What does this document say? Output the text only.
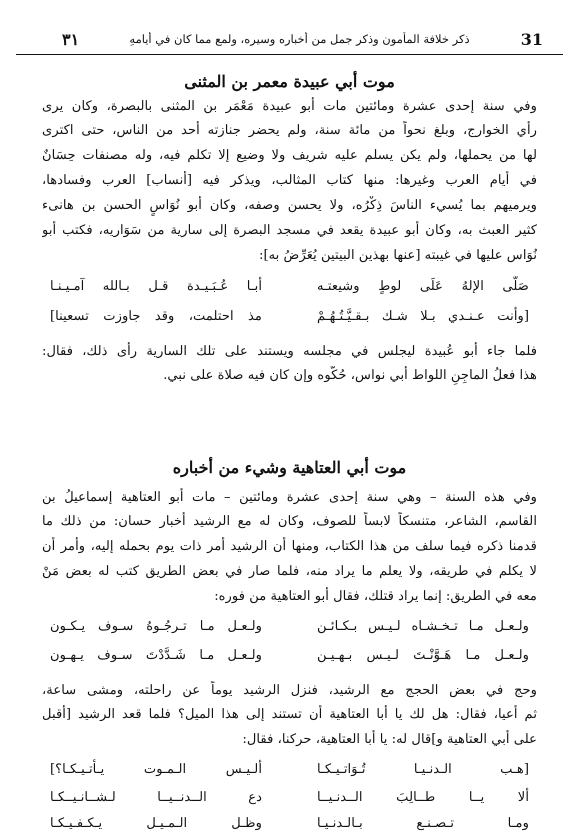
31
ذكر خلافة المأمون وذكر جمل من أخباره وسيره، ولمع مما كان في أيامهِ
٣١
موت أبي عبيدة معمر بن المثنى
وفي سنة إحدى عشرة ومائتين مات أبو عبيدة مَعْمَر بن المثنى بالبصرة، وكان يرى
رأي الخوارج، وبلغ نحواً من مائة سنة، ولم يحضر جنازته أحد من الناس، حتى اكترى
لها من يحملها، ولم يكن يسلم عليه شريف ولا وضيع إلا تكلم فيه، وله مصنفات حِسَانٌ
في أيام العرب وغيرها: منها كتاب المثالب، ويذكر فيه [أنساب] العرب وفسادها،
ويرميهم بما يُسيء الناسَ ذِكْرُه، ولا يحسن وصفه، وكان أبو نُوَاسٍ الحسن بن هانىء
كثير العبث به، وكان أبو عبيدة يقعد في مسجد البصرة إلى سارية من سَوَاريه، فكتب أبو
نُوَاس عليها في غيبته [عنها بهذين البيتين يُعَرِّضُ به]:
صَلَّى الإلهُ عَلَى لوطٍ وشيعتـه
أبـا عُـبَـيـدة قـل بـالله آمـيـنـا
[وأنت عـنـدي بـلا شـك بـقـيَّـتُـهُـمْ
مذ احتلمت، وقد جاوزت تسعينا]
فلما جاء أبو عُبيدة ليجلس في مجلسه ويستند على تلك السارية رأى ذلك، فقال:
هذا فعلُ الماجِنِ اللواط أبي نواس، حُكُّوه وإن كان فيه صلاة على نبي.
موت أبي العتاهية وشيء من أخباره
وفي هذه السنة – وهي سنة إحدى عشرة ومائتين – مات أبو العتاهية إسماعيلُ بن
القاسم، الشاعر، متنسكاً لابساً للصوف، وكان له مع الرشيد أخبار حسان: من ذلك ما
قدمنا ذكره فيما سلف من هذا الكتاب، ومنها أن الرشيد أمر ذات يوم بحمله إليه، وأمر أن
لا يكلم في طريقه، ولا يعلم ما يراد منه، فلما صار في بعض الطريق كتب له بعض مَنْ
معه في الطريق: إنما يراد قتلك، فقال أبو العتاهية من فوره:
ولـعـل مـا تـخـشـاه لـيـس بـكـائـن
ولـعـل مـا تـرجُـوهُ سـوف يـكـون
ولـعـل مـا هَـوَّنْـتَ لـيـس بـهـيـن
ولـعـل مـا شَـدَّدْتَ سـوف يـهـون
وحج في بعض الحجج مع الرشيد، فنزل الرشيد يوماً عن راحلته، ومشى ساعة،
ثم أعيا، فقال: هل لك يا أبا العتاهية أن تستند إلى هذا الميل؟ فلما قعد الرشيد [أقبل
على أبي العتاهية و]قال له: يا أبا العتاهية، حركنا، فقال:
[هـب الـدنـيـا تُـوَاتـيـكـا
ألـيـس الـمـوت يـأتـيـكـا؟]
ألا يــا طــالِبَ الــدنـيــا
دع الــدنــيــا لـشــانـيــكـا
ومـا تـصـنـع بـالـدنـيـا
وظـل الـمـيـل يـكـفـيـكـا
